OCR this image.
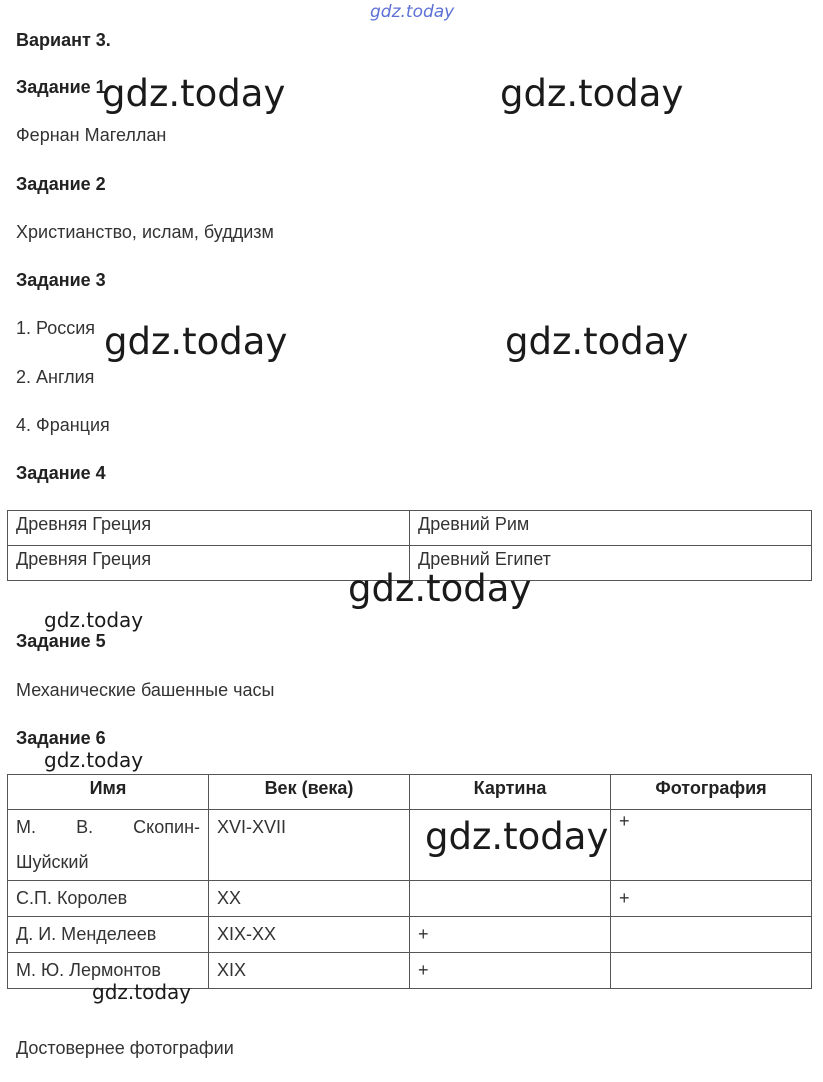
gdz.today
Вариант 3.
Задание 1
Фернан Магеллан
Задание 2
Христианство, ислам, буддизм
Задание 3
1. Россия
2. Англия
4. Франция
Задание 4
Древняя Греция	Древний Рим
Древняя Греция	Древний Египет
Задание 5
Механические башенные часы
Задание 6
Имя	Век (века)	Картина	Фотография
М. В. Скопин-Шуйский	XVI-XVII		+
С.П. Королев	XX		+
Д. И. Менделеев	XIX-XX	+	
М. Ю. Лермонтов	XIX	+	
Достовернее фотографии
gdz.today	gdz.today
gdz.today	gdz.today
gdz.today
gdz.today
gdz.today
gdz.today
gdz.today
